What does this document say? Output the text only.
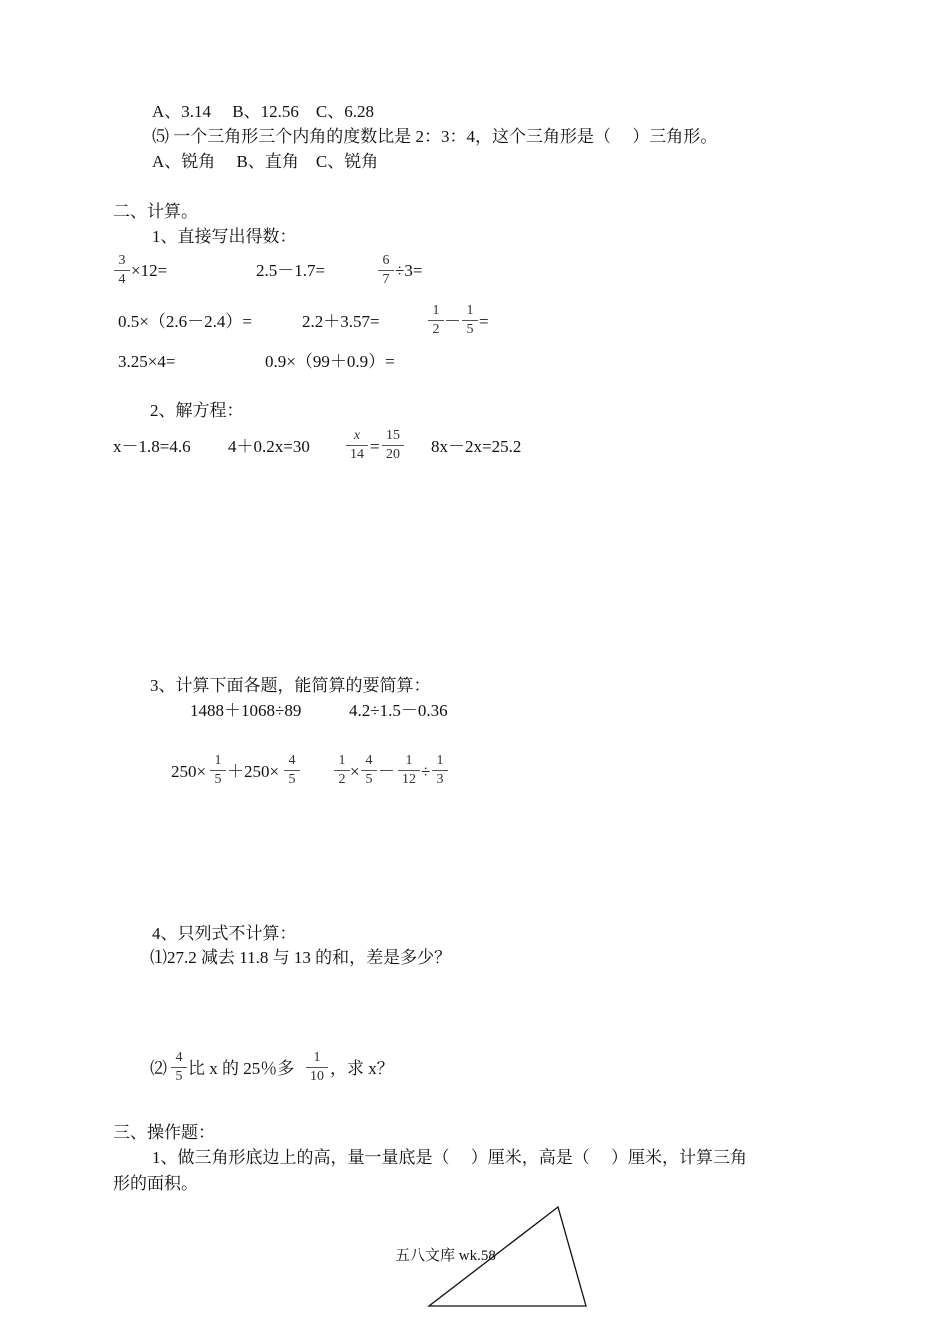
A、3.14　 B、12.56　C、6.28
⑸ 一个三角形三个内角的度数比是 2：3：4，这个三角形是（　 ）三角形。
A、锐角　 B、直角　C、锐角
二、计算。
1、直接写出得数：
3
4 ×12=	2.5－1.7=
6
7 ÷3=
0.5×（2.6－2.4）=	2.2＋3.57=
1
2 －
1
5 =
3.25×4=	0.9×（99＋0.9）=
2、解方程：
x－1.8=4.6 4＋0.2x=30
x
14 =
15
20 8x－2x=25.2
3、计算下面各题，能简算的要简算：
1488＋1068÷89	4.2÷1.5－0.36
250×
1
5 ＋250×
4
5
1
2 ×
4
5 －
1
12 ÷
1
3
4、只列式不计算：
⑴27.2 减去 11.8 与 13 的和，差是多少？
⑵
4
5 比 x 的 25％多
1
10 ，求 x？
三、操作题：
1、做三角形底边上的高，量一量底是（　 ）厘米，高是（　 ）厘米，计算三角
形的面积。
五八文库 wk.58
